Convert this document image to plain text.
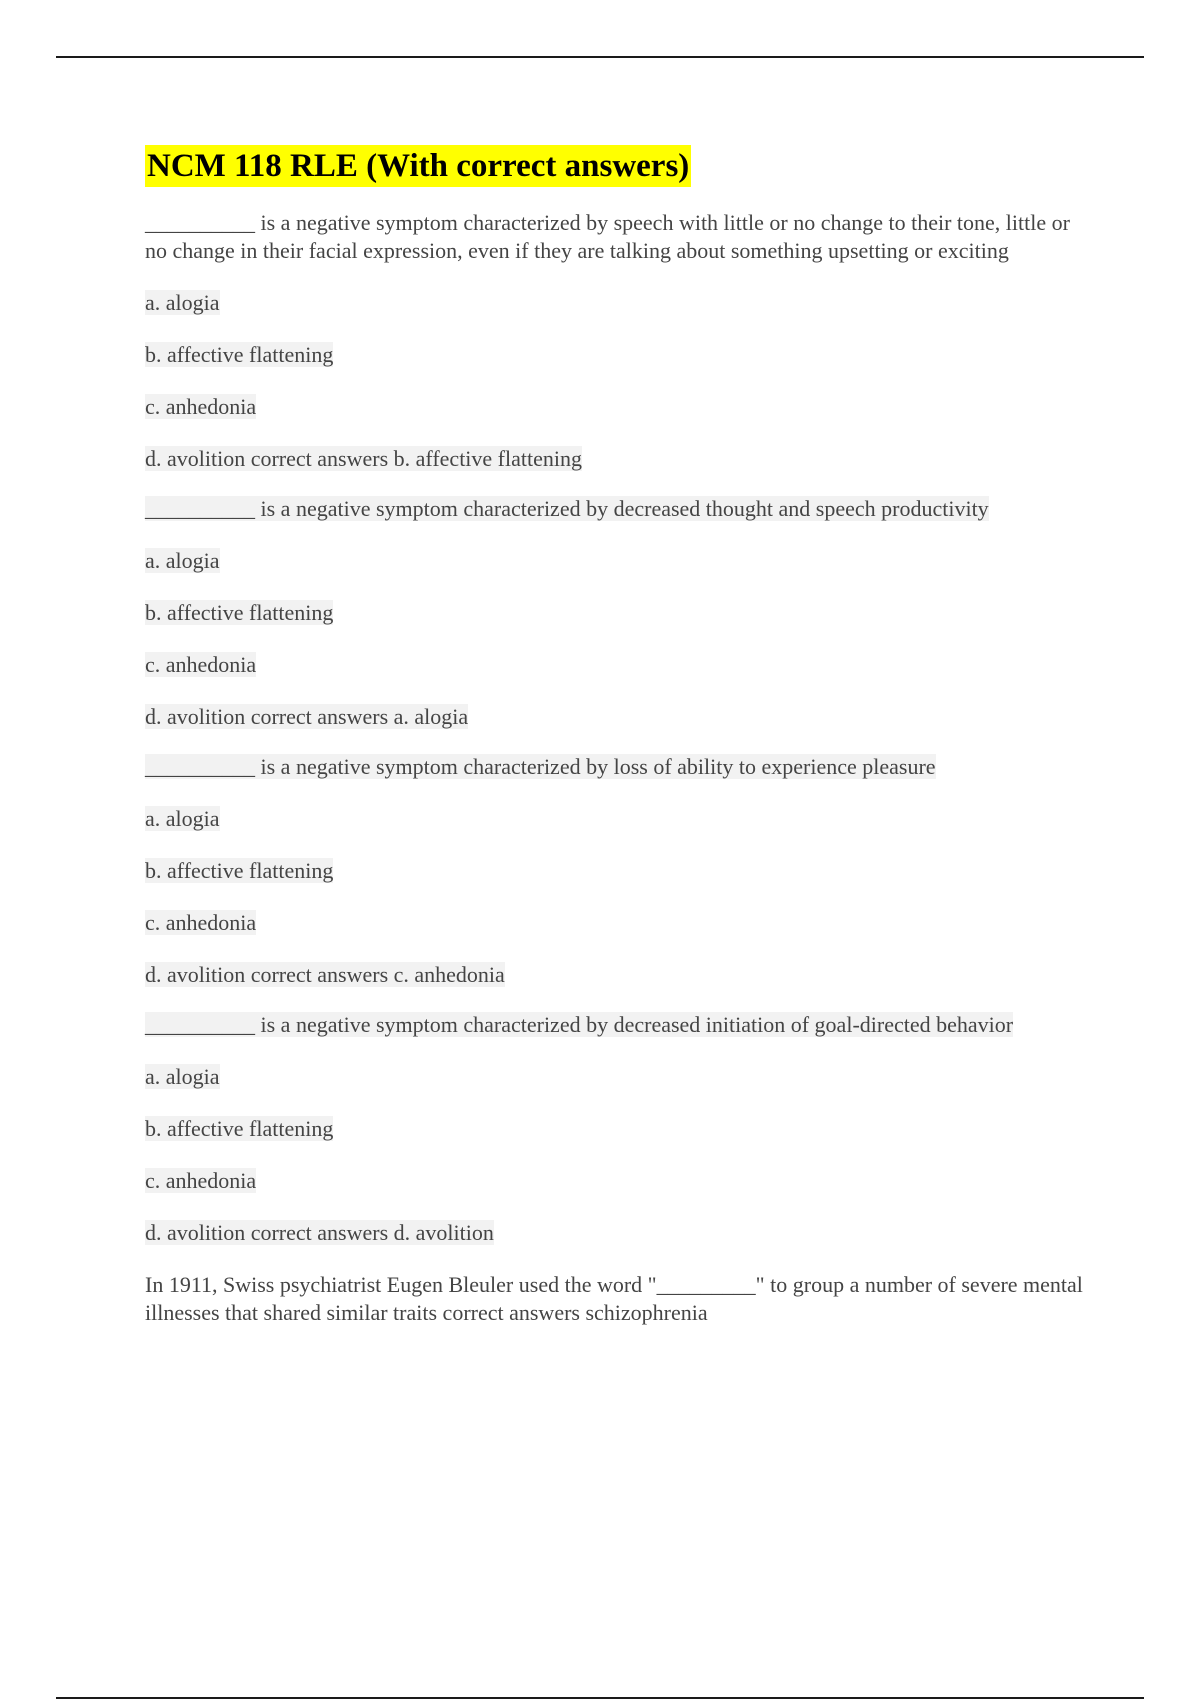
NCM 118 RLE (With correct answers)

__________ is a negative symptom characterized by speech with little or no change to their tone, little or no change in their facial expression, even if they are talking about something upsetting or exciting

a. alogia

b. affective flattening

c. anhedonia

d. avolition correct answers b. affective flattening

__________ is a negative symptom characterized by decreased thought and speech productivity

a. alogia

b. affective flattening

c. anhedonia

d. avolition correct answers a. alogia

__________ is a negative symptom characterized by loss of ability to experience pleasure

a. alogia

b. affective flattening

c. anhedonia

d. avolition correct answers c. anhedonia

__________ is a negative symptom characterized by decreased initiation of goal-directed behavior

a. alogia

b. affective flattening

c. anhedonia

d. avolition correct answers d. avolition

In 1911, Swiss psychiatrist Eugen Bleuler used the word "_________" to group a number of severe mental illnesses that shared similar traits correct answers schizophrenia
